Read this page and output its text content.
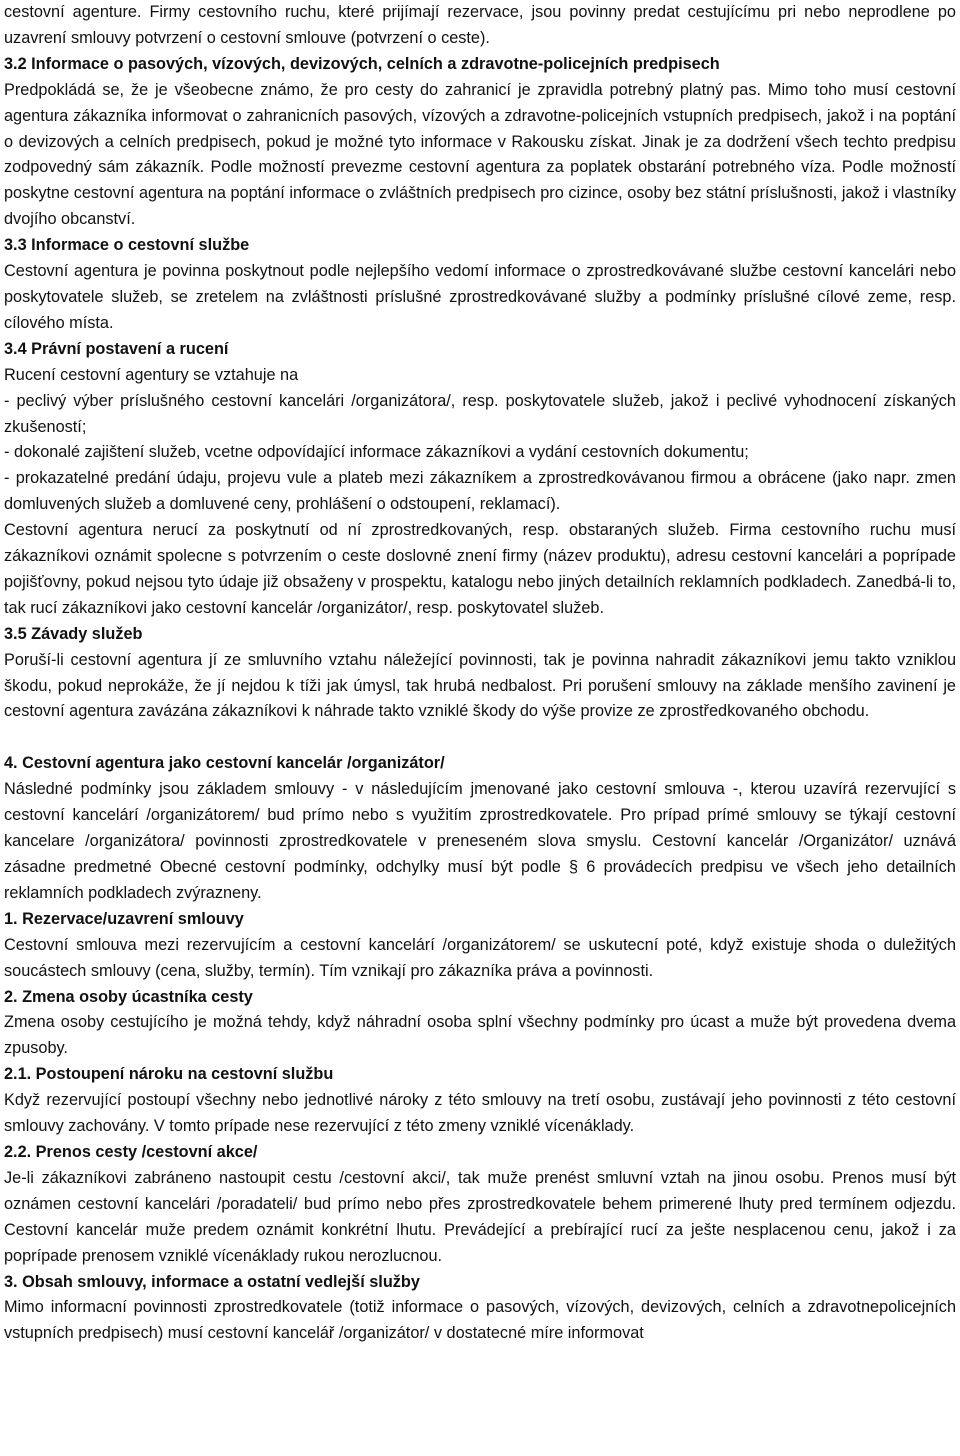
cestovní agenture. Firmy cestovního ruchu, které prijímají rezervace, jsou povinny predat cestujícímu pri nebo neprodlene po uzavrení smlouvy potvrzení o cestovní smlouve (potvrzení o ceste).

3.2 Informace o pasových, vízových, devizových, celních a zdravotne-policejních predpisech

Predpokládá se, že je všeobecne známo, že pro cesty do zahranicí je zpravidla potrebný platný pas. Mimo toho musí cestovní agentura zákazníka informovat o zahranicních pasových, vízových a zdravotne-policejních vstupních predpisech, jakož i na poptání o devizových a celních predpisech, pokud je možné tyto informace v Rakousku získat. Jinak je za dodržení všech techto predpisu zodpovedný sám zákazník. Podle možností prevezme cestovní agentura za poplatek obstarání potrebného víza. Podle možností poskytne cestovní agentura na poptání informace o zvláštních predpisech pro cizince, osoby bez státní príslušnosti, jakož i vlastníky dvojího obcanství.

3.3 Informace o cestovní službe

Cestovní agentura je povinna poskytnout podle nejlepšího vedomí informace o zprostredkovávané službe cestovní kancelári nebo poskytovatele služeb, se zretelem na zvláštnosti príslušné zprostredkovávané služby a podmínky príslušné cílové zeme, resp. cílového místa.

3.4 Právní postavení a rucení

Rucení cestovní agentury se vztahuje na

- peclivý výber príslušného cestovní kancelári /organizátora/, resp. poskytovatele služeb, jakož i peclivé vyhodnocení získaných zkušeností;

- dokonalé zajištení služeb, vcetne odpovídající informace zákazníkovi a vydání cestovních dokumentu;

- prokazatelné predání údaju, projevu vule a plateb mezi zákazníkem a zprostredkovávanou firmou a obrácene (jako napr. zmen domluvených služeb a domluvené ceny, prohlášení o odstoupení, reklamací).

Cestovní agentura nerucí za poskytnutí od ní zprostredkovaných, resp. obstaraných služeb. Firma cestovního ruchu musí zákazníkovi oznámit spolecne s potvrzením o ceste doslovné znení firmy (název produktu), adresu cestovní kancelári a poprípade pojišťovny, pokud nejsou tyto údaje již obsaženy v prospektu, katalogu nebo jiných detailních reklamních podkladech. Zanedbá-li to, tak rucí zákazníkovi jako cestovní kancelár /organizátor/, resp. poskytovatel služeb.

3.5 Závady služeb

Poruší-li cestovní agentura jí ze smluvního vztahu náležející povinnosti, tak je povinna nahradit zákazníkovi jemu takto vzniklou škodu, pokud neprokáže, že jí nejdou k tíži jak úmysl, tak hrubá nedbalost. Pri porušení smlouvy na základe menšího zavinení je cestovní agentura zavázána zákazníkovi k náhrade takto vzniklé škody do výše provize ze zprostředkovaného obchodu.

4. Cestovní agentura jako cestovní kancelár /organizátor/

Následné podmínky jsou základem smlouvy - v následujícím jmenované jako cestovní smlouva -, kterou uzavírá rezervující s cestovní kancelárí /organizátorem/ bud prímo nebo s využitím zprostredkovatele. Pro prípad prímé smlouvy se týkají cestovní kancelare /organizátora/ povinnosti zprostredkovatele v preneseném slova smyslu. Cestovní kancelár /Organizátor/ uznává zásadne predmetné Obecné cestovní podmínky, odchylky musí být podle § 6 provádecích predpisu ve všech jeho detailních reklamních podkladech zvýrazneny.

1. Rezervace/uzavrení smlouvy

Cestovní smlouva mezi rezervujícím a cestovní kancelárí /organizátorem/ se uskutecní poté, když existuje shoda o duležitých soucástech smlouvy (cena, služby, termín). Tím vznikají pro zákazníka práva a povinnosti.

2. Zmena osoby úcastníka cesty

Zmena osoby cestujícího je možná tehdy, když náhradní osoba splní všechny podmínky pro úcast a muže být provedena dvema zpusoby.

2.1. Postoupení nároku na cestovní službu

Když rezervující postoupí všechny nebo jednotlivé nároky z této smlouvy na tretí osobu, zustávají jeho povinnosti z této cestovní smlouvy zachovány. V tomto prípade nese rezervující z této zmeny vzniklé vícenáklady.

2.2. Prenos cesty /cestovní akce/

Je-li zákazníkovi zabráneno nastoupit cestu /cestovní akci/, tak muže prenést smluvní vztah na jinou osobu. Prenos musí být oznámen cestovní kancelári /poradateli/ bud prímo nebo přes zprostredkovatele behem primerené lhuty pred termínem odjezdu. Cestovní kancelár muže predem oznámit konkrétní lhutu. Prevádející a prebírající rucí za ješte nesplacenou cenu, jakož i za poprípade prenosem vzniklé vícenáklady rukou nerozlucnou.

3. Obsah smlouvy, informace a ostatní vedlejší služby

Mimo informacní povinnosti zprostredkovatele (totiž informace o pasových, vízových, devizových, celních a zdravotnepolicejních vstupních predpisech) musí cestovní kancelář /organizátor/ v dostatecné míre informovat
